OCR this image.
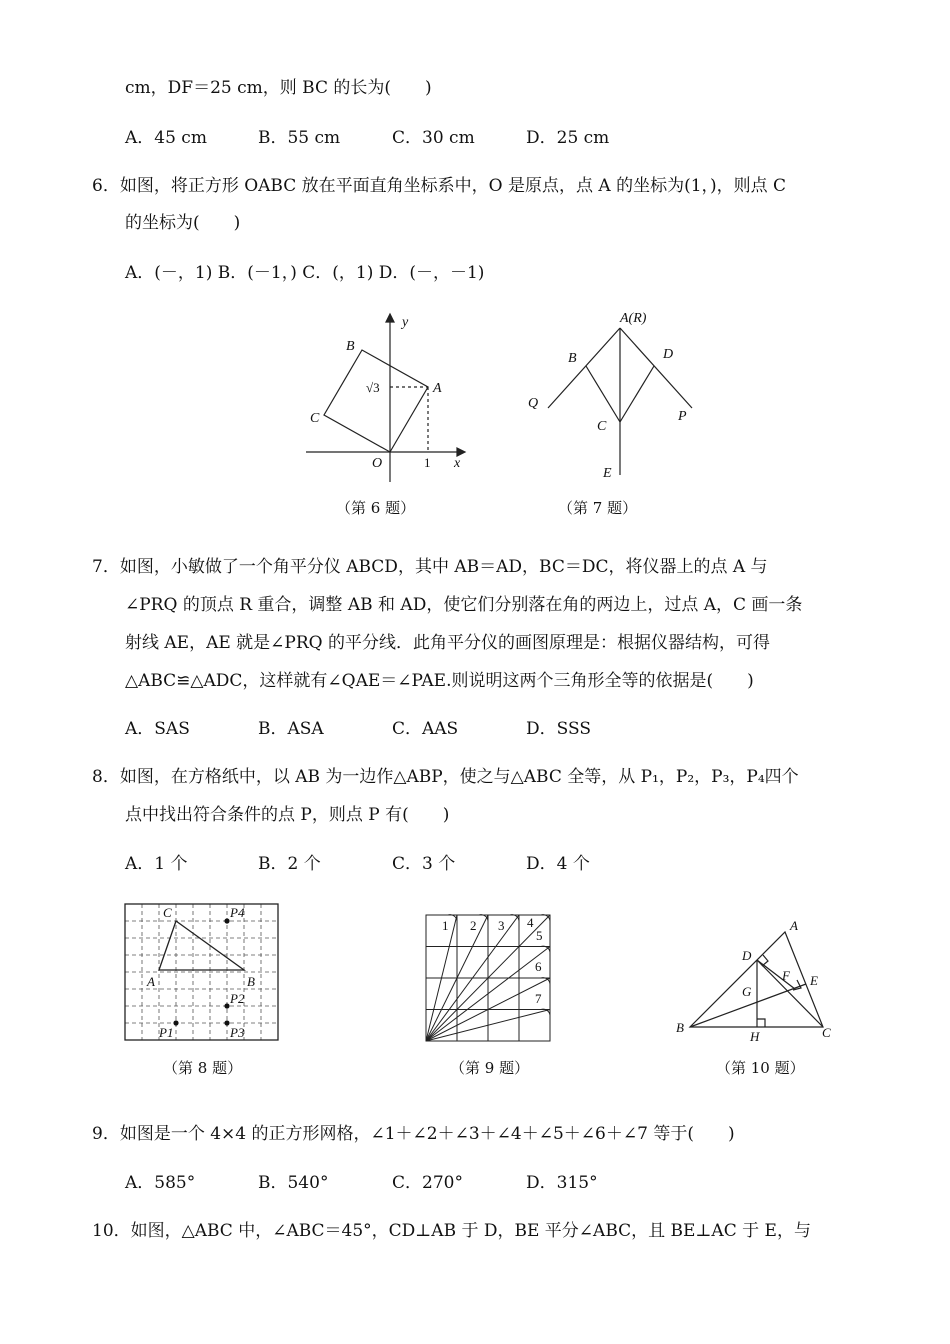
cm，DF＝25 cm，则 BC 的长为(　　)
A．45 cm	B．55 cm	C．30 cm	D．25 cm
6．如图，将正方形 OABC 放在平面直角坐标系中，O 是原点，点 A 的坐标为(1，)，则点 C
的坐标为(　　)
A．(－，1) B．(－1，) C．(，1) D．(－，－1)
y
x
O
A
B
C
1
√3
（第 6 题）
A(R)
B	D
C
Q
P
E
（第 7 题）
7．如图，小敏做了一个角平分仪 ABCD，其中 AB＝AD，BC＝DC，将仪器上的点 A 与
∠PRQ 的顶点 R 重合，调整 AB 和 AD，使它们分别落在角的两边上，过点 A，C 画一条
射线 AE，AE 就是∠PRQ 的平分线．此角平分仪的画图原理是：根据仪器结构，可得
△ABC≌△ADC，这样就有∠QAE＝∠PAE.则说明这两个三角形全等的依据是(　　)
A．SAS	B．ASA	C．AAS	D．SSS
8．如图，在方格纸中，以 AB 为一边作△ABP，使之与△ABC 全等，从 P₁，P₂，P₃，P₄四个
点中找出符合条件的点 P，则点 P 有(　　)
A．1 个	B．2 个	C．3 个	D．4 个
C
A	B
P4
P2
P3
P1
（第 8 题）
1 2 3 4
5
6
7
（第 9 题）
A
B	C
D
E
F
G
H
（第 10 题）
9．如图是一个 4×4 的正方形网格，∠1＋∠2＋∠3＋∠4＋∠5＋∠6＋∠7 等于(　　)
A．585°	B．540°	C．270°	D．315°
10．如图，△ABC 中，∠ABC＝45°，CD⊥AB 于 D，BE 平分∠ABC，且 BE⊥AC 于 E，与
